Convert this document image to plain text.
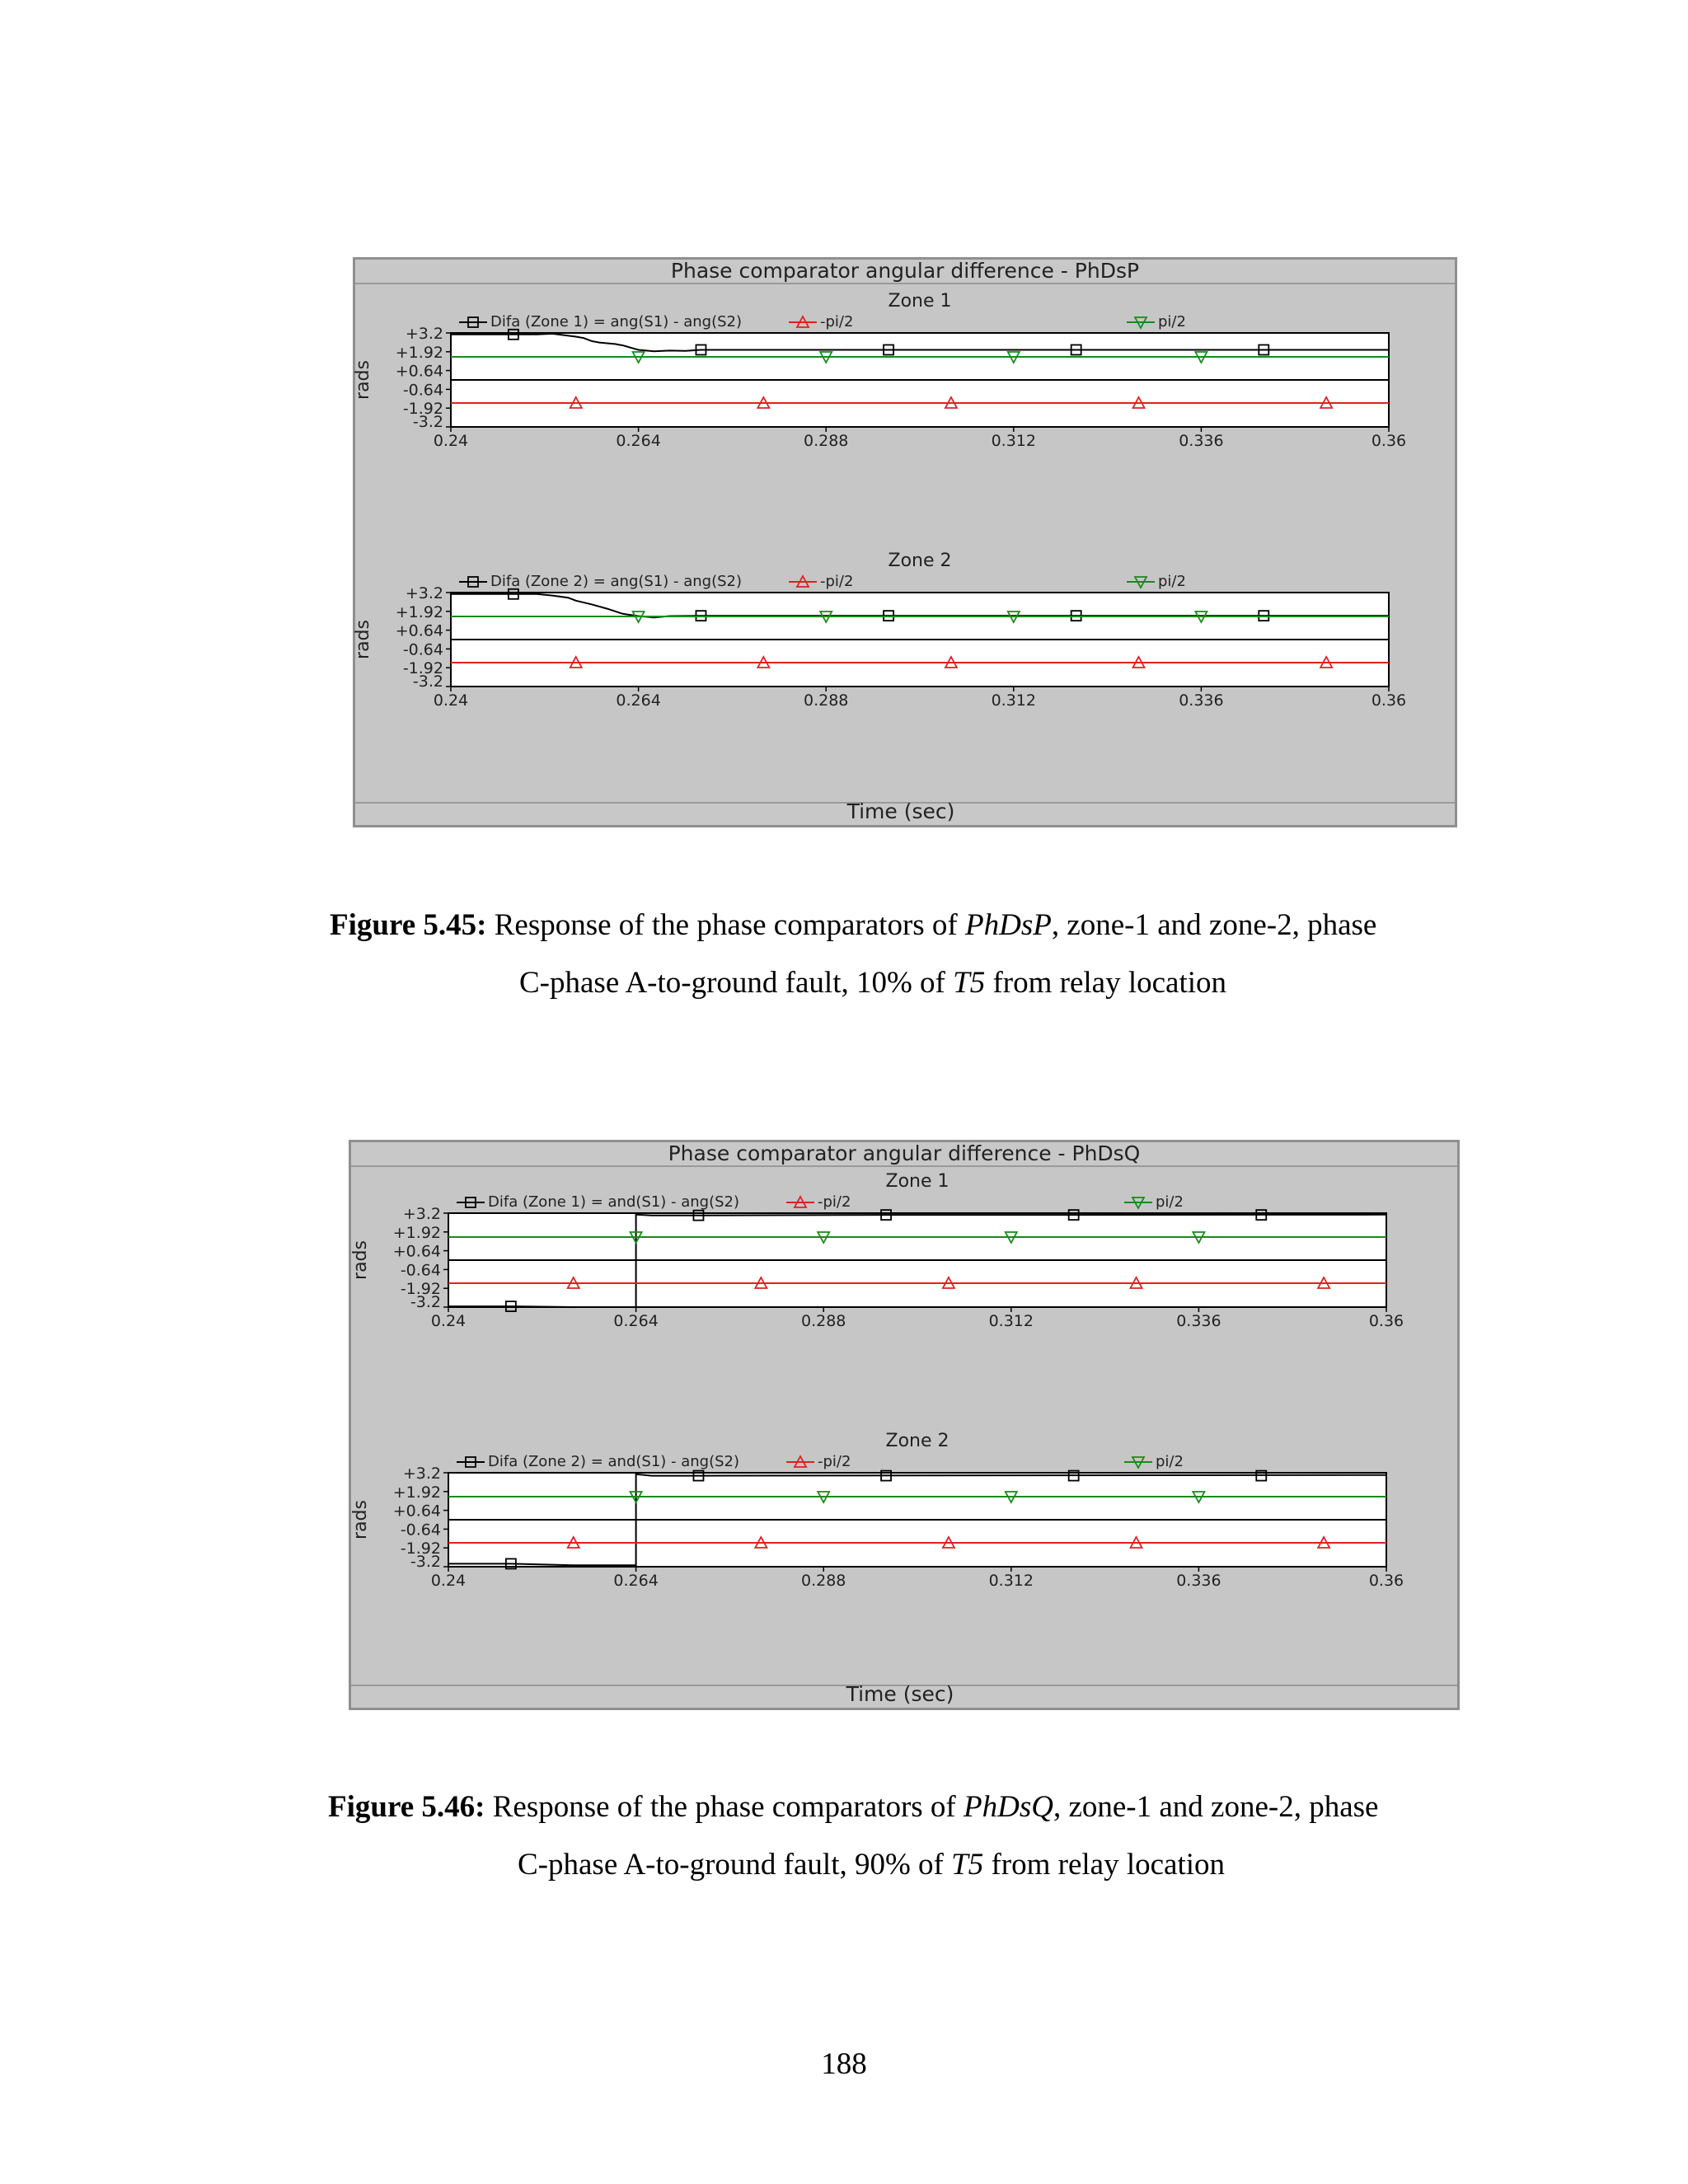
Phase comparator angular difference - PhDsP
Zone 1
rads
+3.2
+1.92
+0.64
-0.64
-1.92
-3.2
0.24	0.264	0.288	0.312	0.336	0.36
Difa (Zone 1) = ang(S1) - ang(S2)	-pi/2	pi/2
Zone 2
rads
+3.2
+1.92
+0.64
-0.64
-1.92
-3.2
0.24	0.264	0.288	0.312	0.336	0.36
Difa (Zone 2) = ang(S1) - ang(S2)	-pi/2	pi/2
Time (sec)
Figure 5.45: Response of the phase comparators of PhDsP, zone-1 and zone-2, phase
C-phase A-to-ground fault, 10% of T5 from relay location
Phase comparator angular difference - PhDsQ
Zone 1
rads
+3.2
+1.92
+0.64
-0.64
-1.92
-3.2
0.24	0.264	0.288	0.312	0.336	0.36
Difa (Zone 1) = and(S1) - ang(S2)	-pi/2	pi/2
Zone 2
rads
+3.2
+1.92
+0.64
-0.64
-1.92
-3.2
0.24	0.264	0.288	0.312	0.336	0.36
Difa (Zone 2) = and(S1) - ang(S2)	-pi/2	pi/2
Time (sec)
Figure 5.46: Response of the phase comparators of PhDsQ, zone-1 and zone-2, phase
C-phase A-to-ground fault, 90% of T5 from relay location
188
